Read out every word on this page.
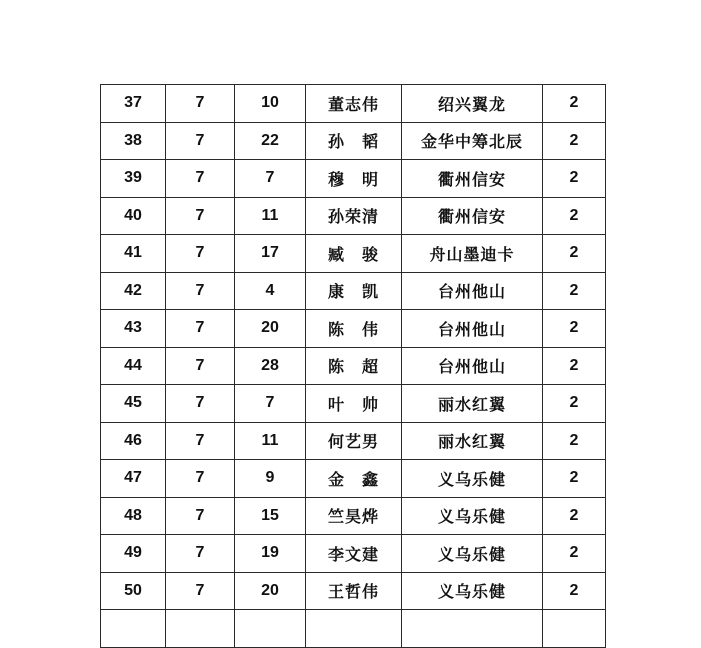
37	7	10	董志伟	绍兴翼龙	2
38	7	22	孙　韬	金华中筹北辰	2
39	7	7	穆　明	衢州信安	2
40	7	11	孙荣清	衢州信安	2
41	7	17	臧　骏	舟山墨迪卡	2
42	7	4	康　凯	台州他山	2
43	7	20	陈　伟	台州他山	2
44	7	28	陈　超	台州他山	2
45	7	7	叶　帅	丽水红翼	2
46	7	11	何艺男	丽水红翼	2
47	7	9	金　鑫	义乌乐健	2
48	7	15	竺昊烨	义乌乐健	2
49	7	19	李文建	义乌乐健	2
50	7	20	王哲伟	义乌乐健	2
